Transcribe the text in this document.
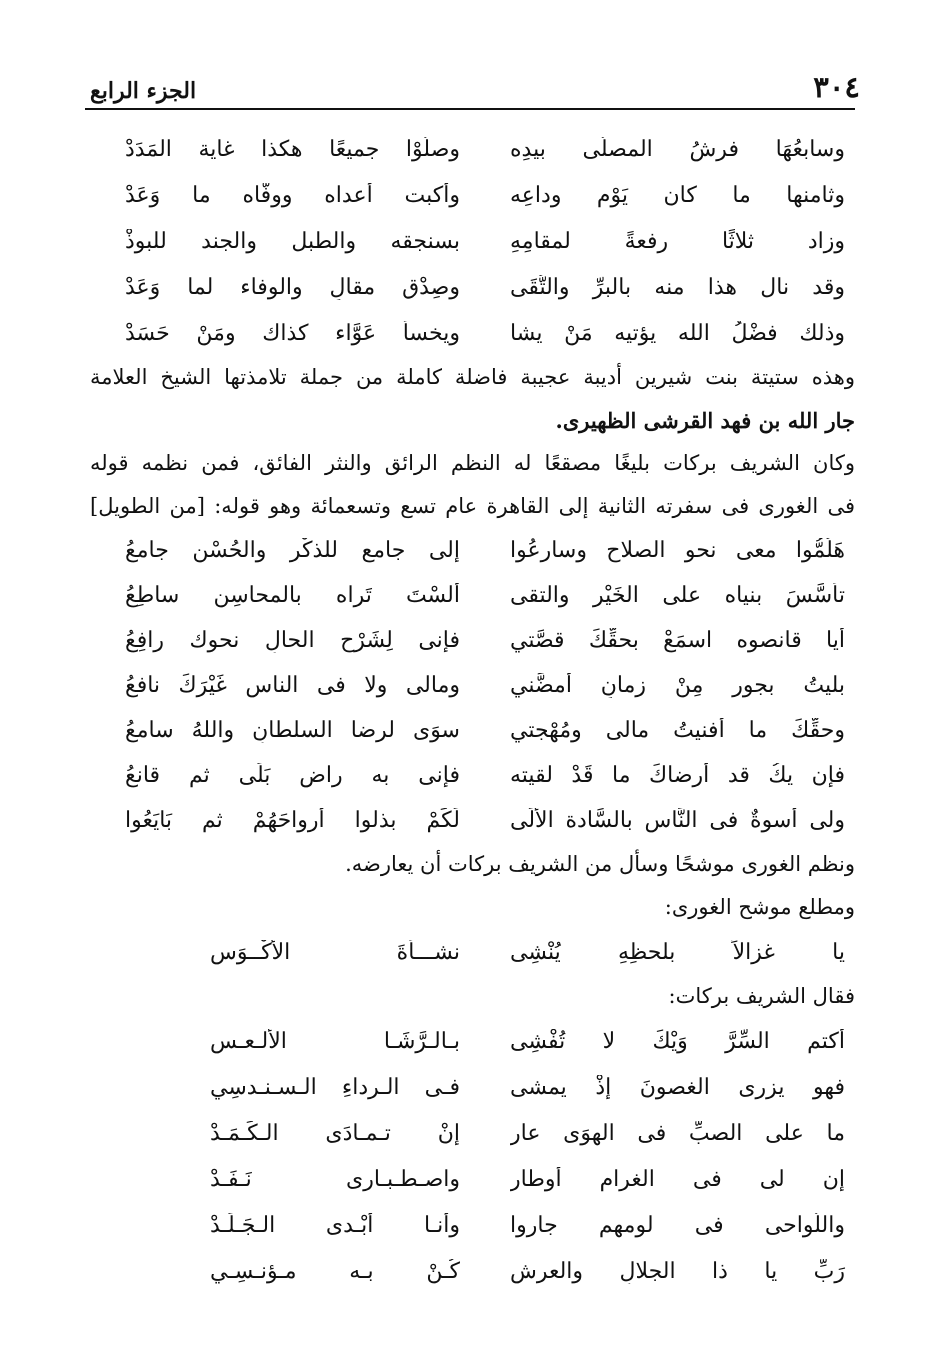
٣٠٤
الجزء الرابع
وسابعُهَا فرشُ المصلَّى بيدِه
وصلَّوْا جميعًا هكذا غاية المَدَدْ
وثامنها ما كان يَوْم وداعِه
وأكبت أعداه ووفَّاه ما وَعَدْ
وزاد ثلاثًا رفعةً لمقامِهِ
بسنجقه والطبل والجند للبوذْ
وقد نال هذا منه بالبرِّ والتُّقَى
وصِدْقِ مقالٍ والوفاء لما وَعَدْ
وذلك فضْلُ الله يؤتيه مَنْ يشا
ويخسأ عَوَّاء كذاك ومَنْ حَسَدْ
وهذه ستيتة بنت شيرين أديبة عجيبة فاضلة كاملة من جملة تلامذتها الشيخ العلامة
جار الله بن فهد القرشى الظهيرى.
وكان الشريف بركات بليغًا مصقعًا له النظم الرائق والنثر الفائق، فمن نظمه قوله
فى الغورى فى سفرته الثانية إلى القاهرة عام تسع وتسعمائة وهو قوله: [من الطويل]
هَلُمُّوا معى نحو الصلاحِ وسارعُوا
إلى جامعٍ للذكْرِ والحُسْن جامعُ
تأسَّسَ بنياه على الخَيْرِ والتقى
ألسْتَ تَراه بالمحاسِنِ ساطِعُ
أيا قانصوه اسمَعْ بحقِّكَ قصَّتي
فإنى لِشَرْحِ الحالِ نحوك رافِعُ
بليتُ بجور مِنْ زمانٍ أمضَّني
ومالى ولا فى الناسِ غَيْرَكَ نافعُ
وحقِّكَ ما أفنيتُ مالى ومُهْجتي
سوَى لرضا السلطانِ واللهُ سامعُ
فإن يكُ قد أرضاكَ ما قَدْ لقيته
فإنى به راضٍ بَلَى ثم قانعُ
ولى أسوةٌ فى النَّاسِ بالسَّادة الألَى
لَكَمْ بذلوا أرواحَهُمْ ثم بَايَعُوا
ونظم الغورى موشحًا وسأل من الشريف بركات أن يعارضه.
ومطلع موشح الغورى:
يا غزالاً بلحظِهِ يُنْشِى
نشـــأةَ الأكْــوَسِ
فقال الشريف بركات:
أكتم السِّرَّ وَيْكَ لا تُفْشِى
بـالـرَّشَـا الألـعـسِ
فهو يزرى الغصونَ إذْ يمشى
فـى الـرداءِ الـسـنـدسِي
ما على الصبِّ فى الهوَى عار
إنْ تـمـادَى الـكَـمَـدْ
إن لى فى الغرامِ أوطار
واصـطـبـارى نَـفَـدْ
واللَّواحى فى لومهم جاروا
وأنـا أبْـدى الـجَـلَـدْ
رَبِّ يا ذا الجلالِ والعرش
كُـنْ بـه مـؤنـسِـي
